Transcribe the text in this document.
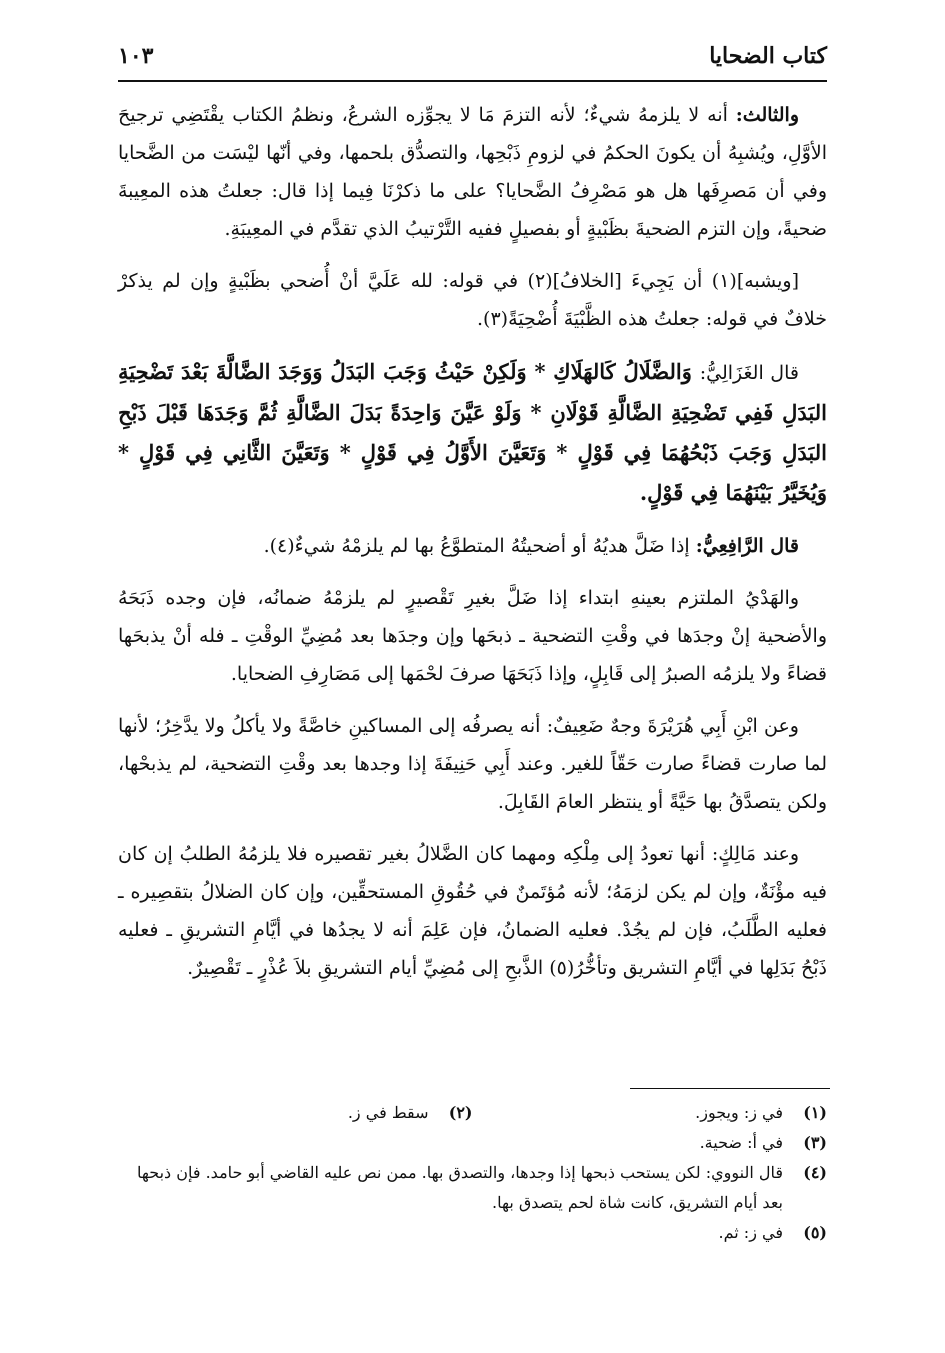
كتاب الضحايا
١٠٣

والثالث: أنه لا يلزمهُ شيءٌ؛ لأنه التزمَ مَا لا يجوِّزه الشرعُ، ونظمُ الكتاب يقْتَضِي ترجيحَ الأوَّلِ، ويُشبِهُ أن يكونَ الحكمُ في لزومِ ذَبْحِها، والتصدُّق بلحمها، وفي أنّها ليْسَت من الضَّحايا وفي أن مَصرِفَها هل هو مَصْرِفُ الضَّحايا؟ على ما ذكرْنَا فِيما إذا قال: جعلتُ هذه المعِيبةَ ضحيةً، وإن التزم الضحيةَ بظَبْيةٍ أو بفصيلٍ ففيه التَّرْتيبُ الذي تقدَّم في المعِيبَةِ.

[ويشبه](١) أن يَجِيءَ [الخلافُ](٢) في قوله: لله عَلَيَّ أنْ أُضحي بظَبْيةٍ وإن لم يذكرْ خلافٌ في قوله: جعلتُ هذه الظَّبْيَةَ أُضْحِيَةً(٣).

قال الغَزَالِيُّ: وَالضَّلَالُ كَالهَلَاكِ * وَلَكِنْ حَيْثُ وَجَبَ البَدَلُ وَوَجَدَ الضَّالَّةَ بَعْدَ تَضْحِيَةِ البَدَلِ فَفِي تَضْحِيَةِ الضَّالَّةِ قَوْلَانِ * وَلَوْ عَيَّنَ وَاحِدَةً بَدَلَ الضَّالَّةِ ثُمَّ وَجَدَهَا قَبْلَ ذَبْحِ البَدَلِ وَجَبَ ذَبْحُهُمَا فِي قَوْلٍ * وَتَعَيَّنَ الأَوَّلُ فِي قَوْلٍ * وَتَعَيَّنَ الثَّانِي فِي قَوْلٍ * وَيُخَيَّرُ بَيْنَهُمَا فِي قَوْلٍ.

قال الرَّافِعِيُّ: إذا ضَلَّ هديُهُ أو أضحيتُهُ المتطوَّعُ بها لم يلزمْهُ شيءٌ(٤).

والهَدْيُ الملتزم بعينهِ ابتداء إذا ضَلَّ بغيرِ تَقْصيرٍ لم يلزمْهُ ضمانُه، فإن وجده ذَبَحَهُ والأضحية إنْ وجدَها في وقْتِ التضحية ـ ذبحَها وإن وجدَها بعد مُضِيِّ الوقْتِ ـ فله أنْ يذبحَها قضاءً ولا يلزمُه الصبرُ إلى قَابِلٍ، وإذا ذَبَحَهَا صرفَ لحْمَها إلى مَصَارِفِ الضحايا.

وعن ابْنِ أَبِي هُرَيْرَةَ وجهٌ ضَعِيفٌ: أنه يصرفُه إلى المساكينِ خاصَّةً ولا يأكلُ ولا يدَّخِرُ؛ لأنها لما صارت قضاءً صارت حَقّاً للغير. وعند أَبِي حَنِيفَةَ إذا وجدها بعد وقْتِ التضحية، لم يذبحْها، ولكن يتصدَّقُ بها حَيَّةً أو ينتظر العامَ القَابِلَ.

وعند مَالِكٍ: أنها تعودُ إلى مِلْكِه ومهما كان الضَّلالُ بغير تقصيره فلا يلزمُهُ الطلبُ إن كان فيه مؤْنَةٌ، وإن لم يكن لزمَهُ؛ لأنه مُؤتَمنٌ في حُقُوقِ المستحقِّين، وإن كان الضلالُ بتقصِيره ـ فعليه الطَّلَبُ، فإن لم يجُدْ. فعليه الضمانُ، فإن عَلِمَ أنه لا يجدُها في أيَّامِ التشريقِ ـ فعليه ذَبْحُ بَدَلِها في أيَّامِ التشريق وتأخُّرُ(٥) الذَّبحِ إلى مُضِيِّ أيام التشريقِ بلاَ عُذْرٍ ـ تَقْصِيرٌ.

(١)
في ز: ويجوز.
(٢)
سقط في ز.
(٣)
في أ: ضحية.
(٤)
قال النووي: لكن يستحب ذبحها إذا وجدها، والتصدق بها. ممن نص عليه القاضي أبو حامد. فإن ذبحها بعد أيام التشريق، كانت شاة لحم يتصدق بها.
(٥)
في ز: ثم.
